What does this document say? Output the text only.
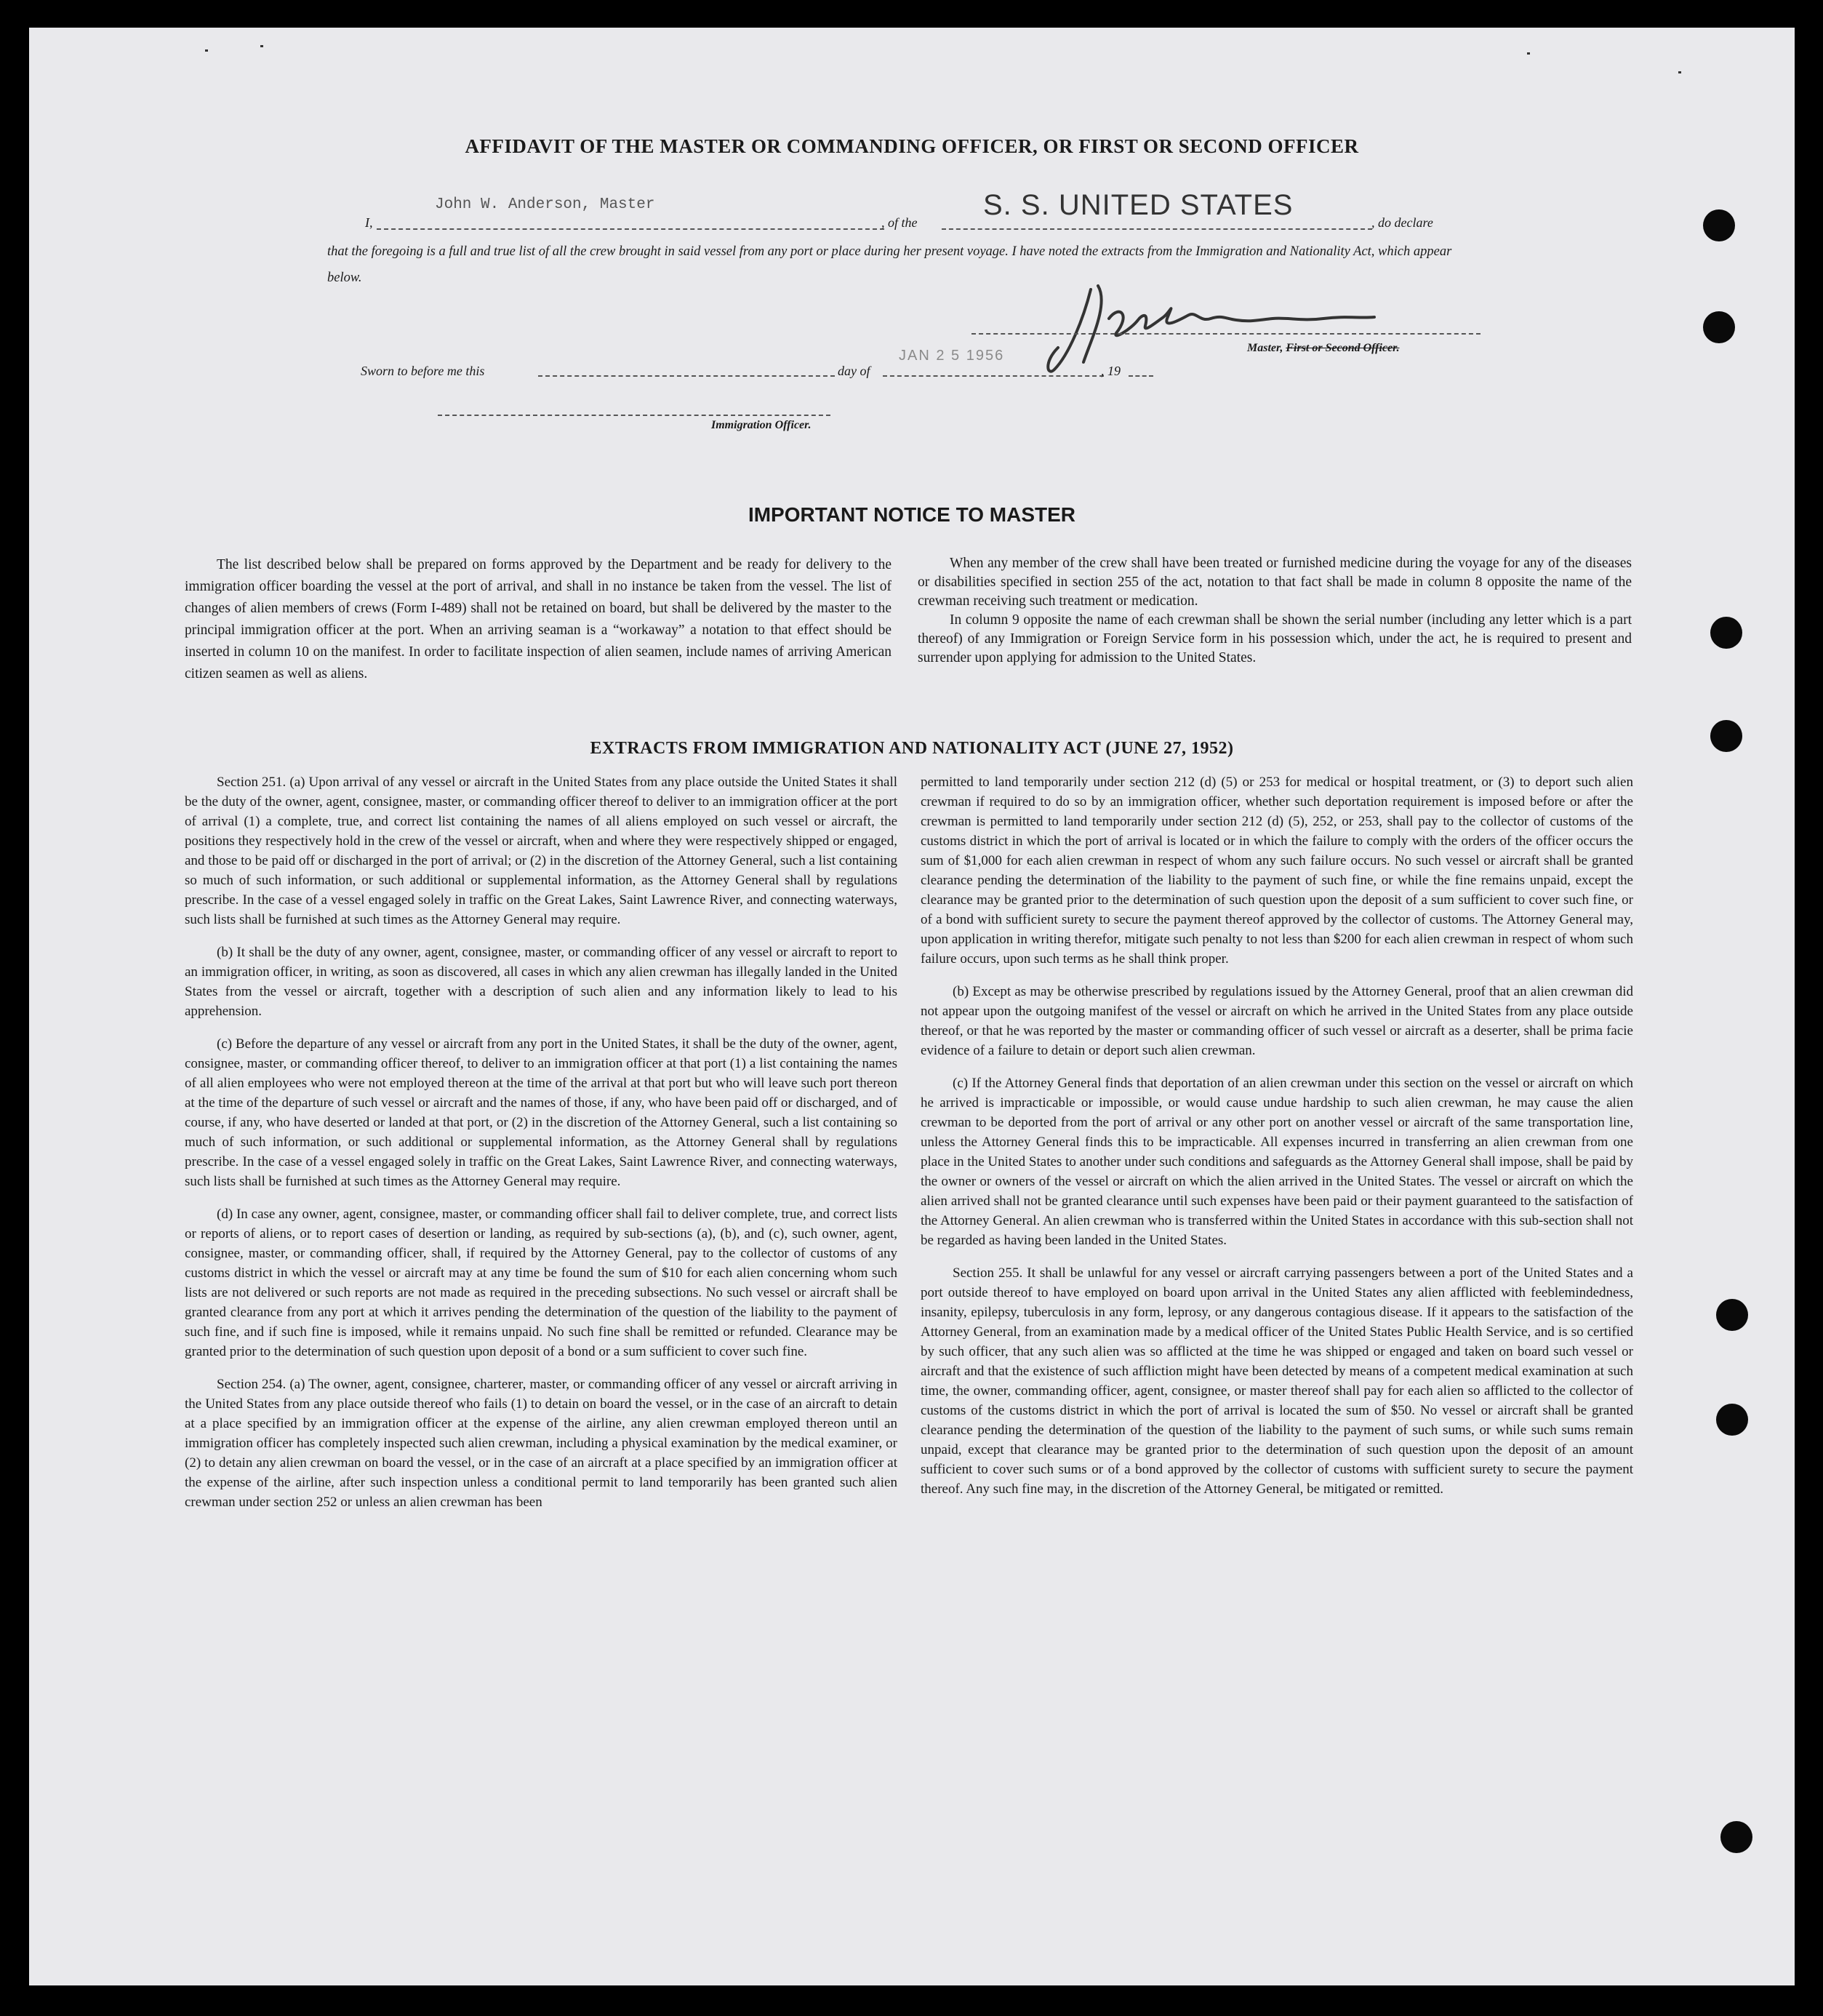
AFFIDAVIT OF THE MASTER OR COMMANDING OFFICER, OR FIRST OR SECOND OFFICER
I,
John W. Anderson, Master
, of the
S. S. UNITED STATES
, do declare
that the foregoing is a full and true list of all the crew brought in said vessel from any port or place during her present voyage. I have noted the extracts from the Immigration and Nationality Act, which appear below.
Master, First or Second Officer.
Sworn to before me this	day of
JAN 2 5 1956
, 19
Immigration Officer.
IMPORTANT NOTICE TO MASTER

The list described below shall be prepared on forms approved by the Department and be ready for delivery to the immigration officer boarding the vessel at the port of arrival, and shall in no instance be taken from the vessel. The list of changes of alien members of crews (Form I-489) shall not be retained on board, but shall be delivered by the master to the principal immigration officer at the port. When an arriving seaman is a “workaway” a notation to that effect should be inserted in column 10 on the manifest. In order to facilitate inspection of alien seamen, include names of arriving American citizen seamen as well as aliens.

When any member of the crew shall have been treated or furnished medicine during the voyage for any of the diseases or disabilities specified in section 255 of the act, notation to that fact shall be made in column 8 opposite the name of the crewman receiving such treatment or medication.

In column 9 opposite the name of each crewman shall be shown the serial number (including any letter which is a part thereof) of any Immigration or Foreign Service form in his possession which, under the act, he is required to present and surrender upon applying for admission to the United States.

EXTRACTS FROM IMMIGRATION AND NATIONALITY ACT (JUNE 27, 1952)

Section 251. (a) Upon arrival of any vessel or aircraft in the United States from any place outside the United States it shall be the duty of the owner, agent, consignee, master, or commanding officer thereof to deliver to an immigration officer at the port of arrival (1) a complete, true, and correct list containing the names of all aliens employed on such vessel or aircraft, the positions they respectively hold in the crew of the vessel or aircraft, when and where they were respectively shipped or engaged, and those to be paid off or discharged in the port of arrival; or (2) in the discretion of the Attorney General, such a list containing so much of such information, or such additional or supplemental information, as the Attorney General shall by regulations prescribe. In the case of a vessel engaged solely in traffic on the Great Lakes, Saint Lawrence River, and connecting waterways, such lists shall be furnished at such times as the Attorney General may require.

(b) It shall be the duty of any owner, agent, consignee, master, or commanding officer of any vessel or aircraft to report to an immigration officer, in writing, as soon as discovered, all cases in which any alien crewman has illegally landed in the United States from the vessel or aircraft, together with a description of such alien and any information likely to lead to his apprehension.

(c) Before the departure of any vessel or aircraft from any port in the United States, it shall be the duty of the owner, agent, consignee, master, or commanding officer thereof, to deliver to an immigration officer at that port (1) a list containing the names of all alien employees who were not employed thereon at the time of the arrival at that port but who will leave such port thereon at the time of the departure of such vessel or aircraft and the names of those, if any, who have been paid off or discharged, and of course, if any, who have deserted or landed at that port, or (2) in the discretion of the Attorney General, such a list containing so much of such information, or such additional or supplemental information, as the Attorney General shall by regulations prescribe. In the case of a vessel engaged solely in traffic on the Great Lakes, Saint Lawrence River, and connecting waterways, such lists shall be furnished at such times as the Attorney General may require.

(d) In case any owner, agent, consignee, master, or commanding officer shall fail to deliver complete, true, and correct lists or reports of aliens, or to report cases of desertion or landing, as required by sub-sections (a), (b), and (c), such owner, agent, consignee, master, or commanding officer, shall, if required by the Attorney General, pay to the collector of customs of any customs district in which the vessel or aircraft may at any time be found the sum of $10 for each alien concerning whom such lists are not delivered or such reports are not made as required in the preceding subsections. No such vessel or aircraft shall be granted clearance from any port at which it arrives pending the determination of the question of the liability to the payment of such fine, and if such fine is imposed, while it remains unpaid. No such fine shall be remitted or refunded. Clearance may be granted prior to the determination of such question upon deposit of a bond or a sum sufficient to cover such fine.

Section 254. (a) The owner, agent, consignee, charterer, master, or commanding officer of any vessel or aircraft arriving in the United States from any place outside thereof who fails (1) to detain on board the vessel, or in the case of an aircraft to detain at a place specified by an immigration officer at the expense of the airline, any alien crewman employed thereon until an immigration officer has completely inspected such alien crewman, including a physical examination by the medical examiner, or (2) to detain any alien crewman on board the vessel, or in the case of an aircraft at a place specified by an immigration officer at the expense of the airline, after such inspection unless a conditional permit to land temporarily has been granted such alien crewman under section 252 or unless an alien crewman has been

permitted to land temporarily under section 212 (d) (5) or 253 for medical or hospital treatment, or (3) to deport such alien crewman if required to do so by an immigration officer, whether such deportation requirement is imposed before or after the crewman is permitted to land temporarily under section 212 (d) (5), 252, or 253, shall pay to the collector of customs of the customs district in which the port of arrival is located or in which the failure to comply with the orders of the officer occurs the sum of $1,000 for each alien crewman in respect of whom any such failure occurs. No such vessel or aircraft shall be granted clearance pending the determination of the liability to the payment of such fine, or while the fine remains unpaid, except the clearance may be granted prior to the determination of such question upon the deposit of a sum sufficient to cover such fine, or of a bond with sufficient surety to secure the payment thereof approved by the collector of customs. The Attorney General may, upon application in writing therefor, mitigate such penalty to not less than $200 for each alien crewman in respect of whom such failure occurs, upon such terms as he shall think proper.

(b) Except as may be otherwise prescribed by regulations issued by the Attorney General, proof that an alien crewman did not appear upon the outgoing manifest of the vessel or aircraft on which he arrived in the United States from any place outside thereof, or that he was reported by the master or commanding officer of such vessel or aircraft as a deserter, shall be prima facie evidence of a failure to detain or deport such alien crewman.

(c) If the Attorney General finds that deportation of an alien crewman under this section on the vessel or aircraft on which he arrived is impracticable or impossible, or would cause undue hardship to such alien crewman, he may cause the alien crewman to be deported from the port of arrival or any other port on another vessel or aircraft of the same transportation line, unless the Attorney General finds this to be impracticable. All expenses incurred in transferring an alien crewman from one place in the United States to another under such conditions and safeguards as the Attorney General shall impose, shall be paid by the owner or owners of the vessel or aircraft on which the alien arrived in the United States. The vessel or aircraft on which the alien arrived shall not be granted clearance until such expenses have been paid or their payment guaranteed to the satisfaction of the Attorney General. An alien crewman who is transferred within the United States in accordance with this sub-section shall not be regarded as having been landed in the United States.

Section 255. It shall be unlawful for any vessel or aircraft carrying passengers between a port of the United States and a port outside thereof to have employed on board upon arrival in the United States any alien afflicted with feeblemindedness, insanity, epilepsy, tuberculosis in any form, leprosy, or any dangerous contagious disease. If it appears to the satisfaction of the Attorney General, from an examination made by a medical officer of the United States Public Health Service, and is so certified by such officer, that any such alien was so afflicted at the time he was shipped or engaged and taken on board such vessel or aircraft and that the existence of such affliction might have been detected by means of a competent medical examination at such time, the owner, commanding officer, agent, consignee, or master thereof shall pay for each alien so afflicted to the collector of customs of the customs district in which the port of arrival is located the sum of $50. No vessel or aircraft shall be granted clearance pending the determination of the question of the liability to the payment of such sums, or while such sums remain unpaid, except that clearance may be granted prior to the determination of such question upon the deposit of an amount sufficient to cover such sums or of a bond approved by the collector of customs with sufficient surety to secure the payment thereof. Any such fine may, in the discretion of the Attorney General, be mitigated or remitted.
